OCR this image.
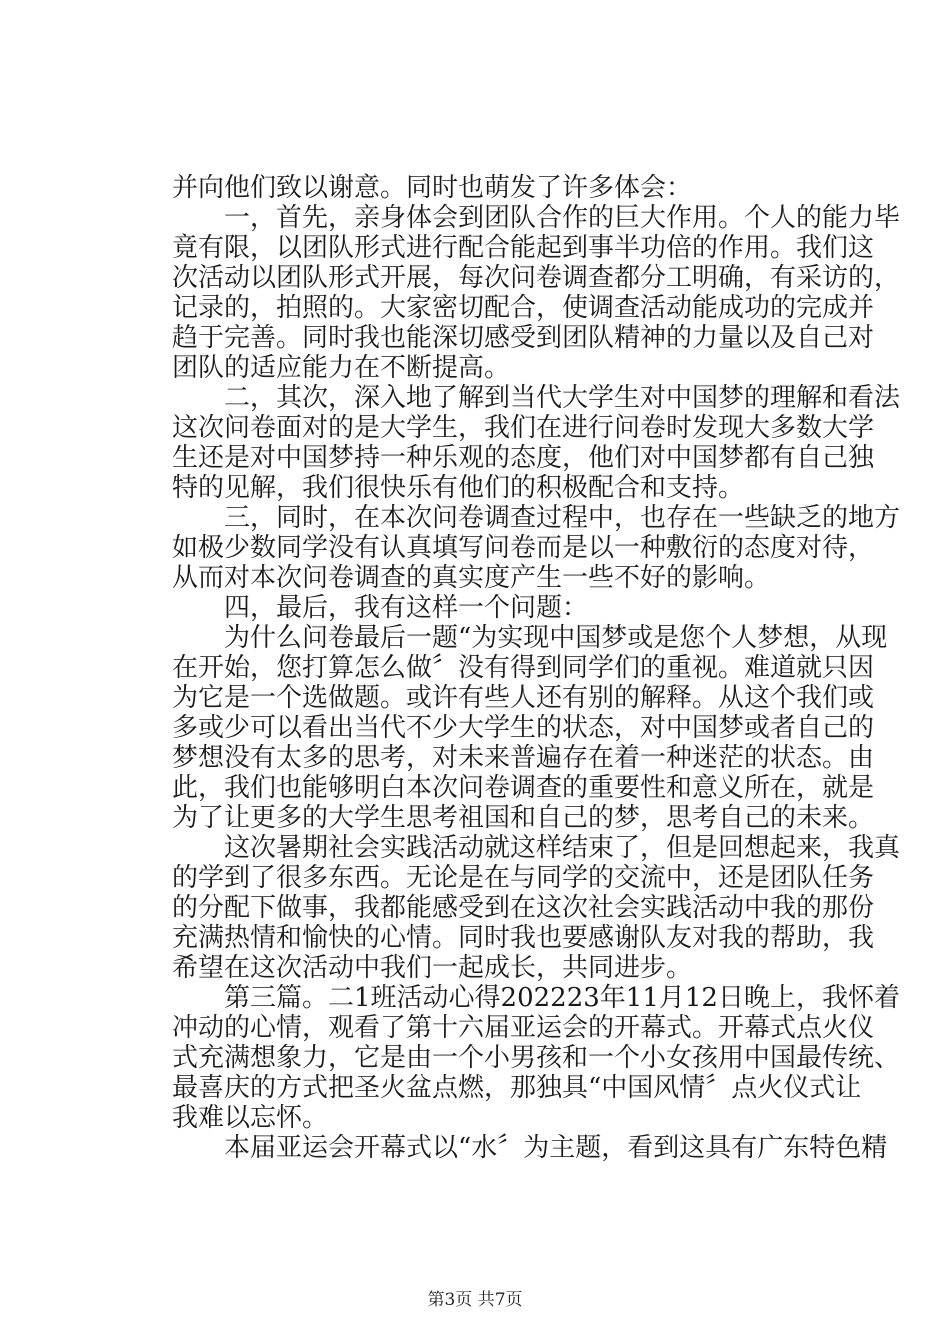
并向他们致以谢意。同时也萌发了许多体会：
一，首先，亲身体会到团队合作的巨大作用。个人的能力毕
竟有限，以团队形式进行配合能起到事半功倍的作用。我们这
次活动以团队形式开展，每次问卷调查都分工明确，有采访的，
记录的，拍照的。大家密切配合，使调查活动能成功的完成并
趋于完善。同时我也能深切感受到团队精神的力量以及自己对
团队的适应能力在不断提高。
二，其次，深入地了解到当代大学生对中国梦的理解和看法
这次问卷面对的是大学生，我们在进行问卷时发现大多数大学
生还是对中国梦持一种乐观的态度，他们对中国梦都有自己独
特的见解，我们很快乐有他们的积极配合和支持。
三，同时，在本次问卷调查过程中，也存在一些缺乏的地方
如极少数同学没有认真填写问卷而是以一种敷衍的态度对待，
从而对本次问卷调查的真实度产生一些不好的影响。
四，最后，我有这样一个问题：
为什么问卷最后一题“为实现中国梦或是您个人梦想，从现
在开始，您打算怎么做〞没有得到同学们的重视。难道就只因
为它是一个选做题。或许有些人还有别的解释。从这个我们或
多或少可以看出当代不少大学生的状态，对中国梦或者自己的
梦想没有太多的思考，对未来普遍存在着一种迷茫的状态。由
此，我们也能够明白本次问卷调查的重要性和意义所在，就是
为了让更多的大学生思考祖国和自己的梦，思考自己的未来。
这次暑期社会实践活动就这样结束了，但是回想起来，我真
的学到了很多东西。无论是在与同学的交流中，还是团队任务
的分配下做事，我都能感受到在这次社会实践活动中我的那份
充满热情和愉快的心情。同时我也要感谢队友对我的帮助，我
希望在这次活动中我们一起成长，共同进步。
第三篇。二1班活动心得202223年11月12日晚上，我怀着
冲动的心情，观看了第十六届亚运会的开幕式。开幕式点火仪
式充满想象力，它是由一个小男孩和一个小女孩用中国最传统、
最喜庆的方式把圣火盆点燃，那独具“中国风情〞点火仪式让
我难以忘怀。
本届亚运会开幕式以“水〞为主题，看到这具有广东特色精
第3页 共7页
